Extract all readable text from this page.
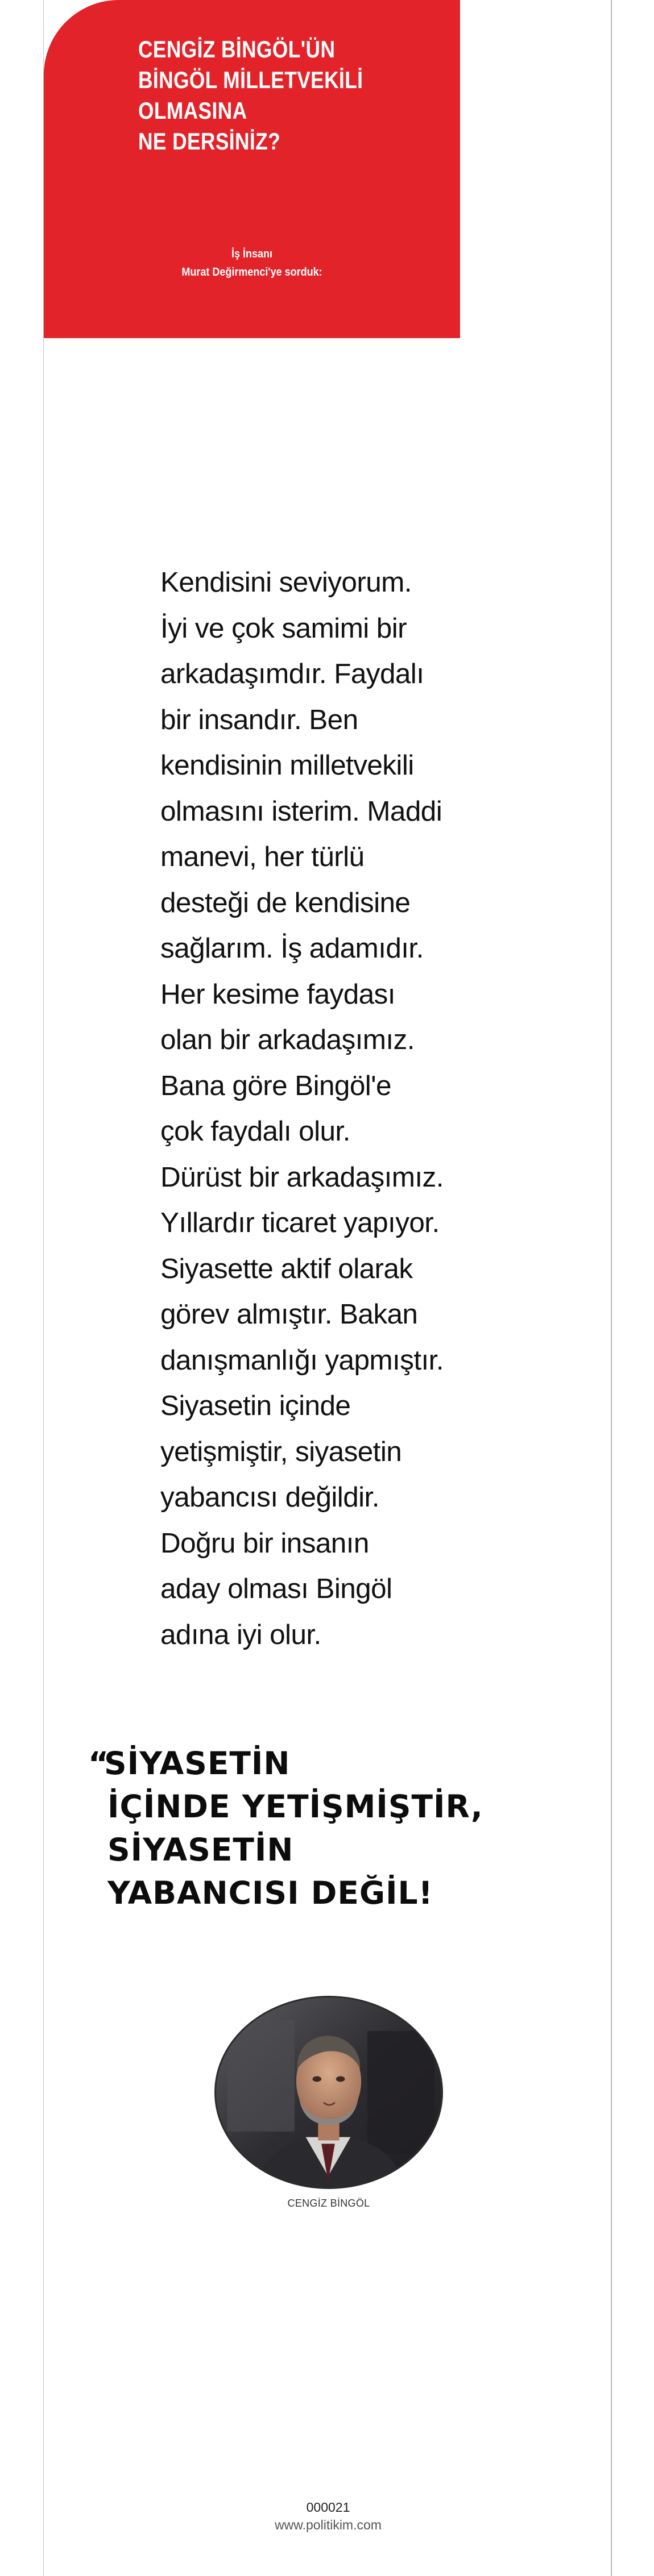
CENGİZ BİNGÖL'ÜN
BİNGÖL MİLLETVEKİLİ
OLMASINA
NE DERSİNİZ?
İş İnsanı
Murat Değirmenci'ye sorduk:

Kendisini seviyorum.
İyi ve çok samimi bir
arkadaşımdır. Faydalı
bir insandır. Ben
kendisinin milletvekili
olmasını isterim. Maddi
manevi, her türlü
desteği de kendisine
sağlarım. İş adamıdır.
Her kesime faydası
olan bir arkadaşımız.
Bana göre Bingöl'e
çok faydalı olur.
Dürüst bir arkadaşımız.
Yıllardır ticaret yapıyor.
Siyasette aktif olarak
görev almıştır. Bakan
danışmanlığı yapmıştır.
Siyasetin içinde
yetişmiştir, siyasetin
yabancısı değildir.
Doğru bir insanın
aday olması Bingöl
adına iyi olur.

“SİYASETİN
İÇİNDE YETİŞMİŞTİR,
SİYASETİN
YABANCISI DEĞİL!
CENGİZ BİNGÖL
000021
www.politikim.com
